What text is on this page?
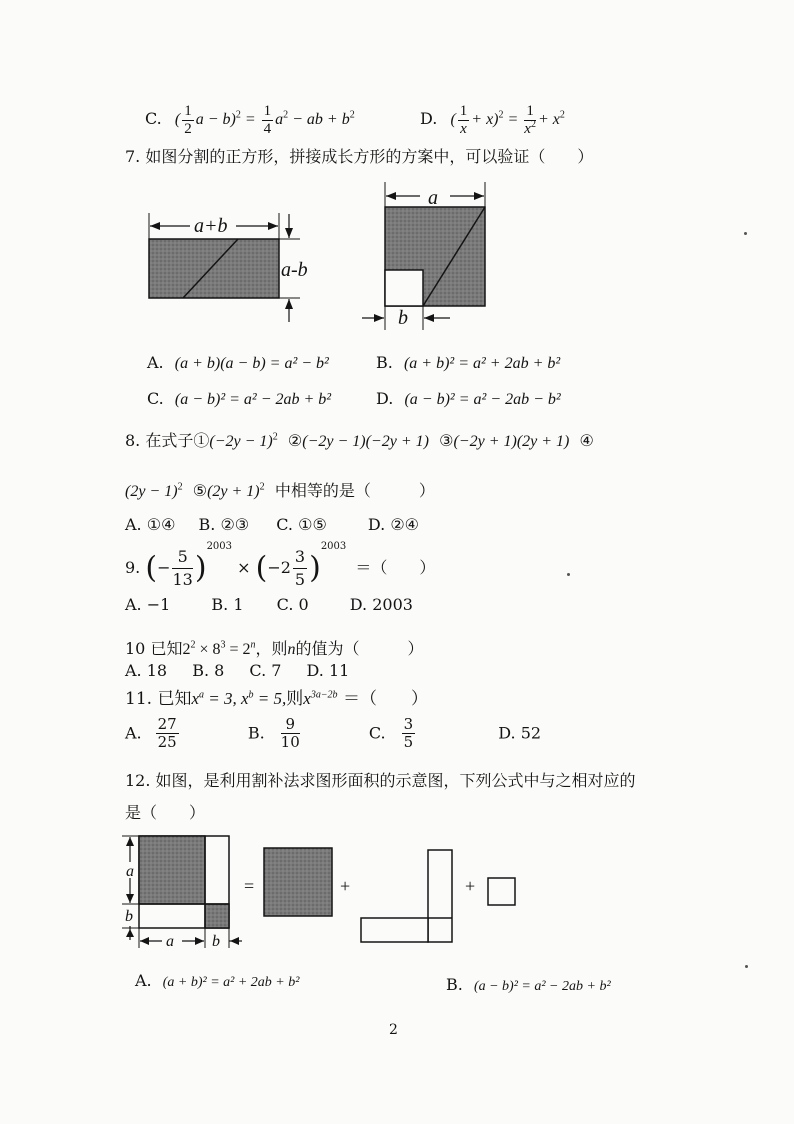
C. ( $\frac{1}{2}$ $a - b)^2 = \frac{1}{4} a^2$ − ab + $b^2$	D. ( $\frac{1}{x} + x)^2 = \frac{1}{x^2} + x^2$
7. 如图分割的正方形，拼接成长方形的方案中，可以验证（　　）
a+b
a-b
a
b
A. (a + b)(a − b) = a² − b²	B. (a + b)² = a² + 2ab + b²
C. (a − b)² = a² − 2ab + b²	D. (a − b)² = a² − 2ab − b²
8. 在式子①(−2y − 1)$^2$ ②(−2y − 1)(−2y + 1) ③(−2y + 1)(2y + 1) ④
$(2y - 1)^2$ ⑤(2y + 1)$^2$ 中相等的是（　　　）
A. ①④ B. ②③ C. ①⑤	D. ②④
9. (− $\frac{5}{13} )^{2003} \times (-2 \frac{3}{5} )^{2003}$ ＝（　　）
A. −1	B. 1 C. 0	D. 2003
10 已知$2^2 \times 8^3 = 2^n$，则n的值为（　　　）
A. 18 B. 8 C. 7 D. 11
11. 已知$x^a = 3$, $x^b = 5$,则$x^{3a-2b}$ ＝（　　）
A. $\frac{27}{25}$	B. $\frac{9}{10}$	C. $\frac{3}{5}$	D. 52
12. 如图，是利用割补法求图形面积的示意图，下列公式中与之相对应的
是（　　）
a
b
a b
=	+	+
A. (a + b)² = a² + 2ab + b²	B. (a − b)² = a² − 2ab + b²
2
